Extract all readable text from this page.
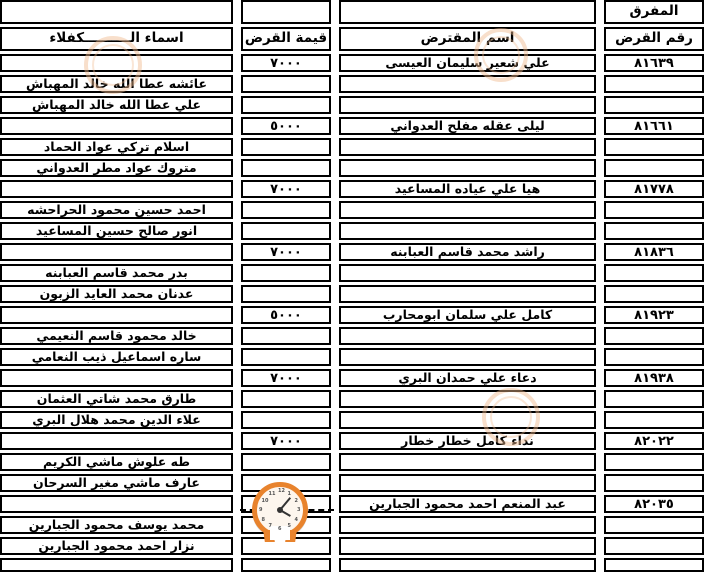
المفرق
رقم القرض
اسم المقترض
قيمة القرض
اسماء الــــــــــكفلاء
٨١٦٣٩
علي شعير سليمان العيسى
٧٠٠٠
عائشه عطا الله خالد المهباش
علي عطا الله خالد المهباش
٨١٦٦١
ليلى عقله مفلح العدواني
٥٠٠٠
اسلام تركي عواد الحماد
متروك عواد مطر العدواني
٨١٧٧٨
هيا علي عياده المساعيد
٧٠٠٠
احمد حسين محمود الحراحشه
انور صالح حسين المساعيد
٨١٨٣٦
راشد محمد قاسم العبابنه
٧٠٠٠
بدر محمد قاسم العبابنه
عدنان محمد العايد الزبون
٨١٩٢٣
كامل علي سلمان ابومحارب
٥٠٠٠
خالد محمود قاسم النعيمي
ساره اسماعيل ذيب النعامي
٨١٩٣٨
دعاء علي حمدان البري
٧٠٠٠
طارق محمد شاتي العثمان
علاء الدين محمد هلال البري
٨٢٠٢٢
نداء كامل خطار خطار
٧٠٠٠
طه علوش ماشي الكريم
عارف ماشي مغير السرحان
٨٢٠٣٥
عبد المنعم احمد محمود الجبارين
محمد يوسف محمود الجبارين
نزار احمد محمود الجبارين
12 1
2
3
4
5
6
7
8
9
10
11
